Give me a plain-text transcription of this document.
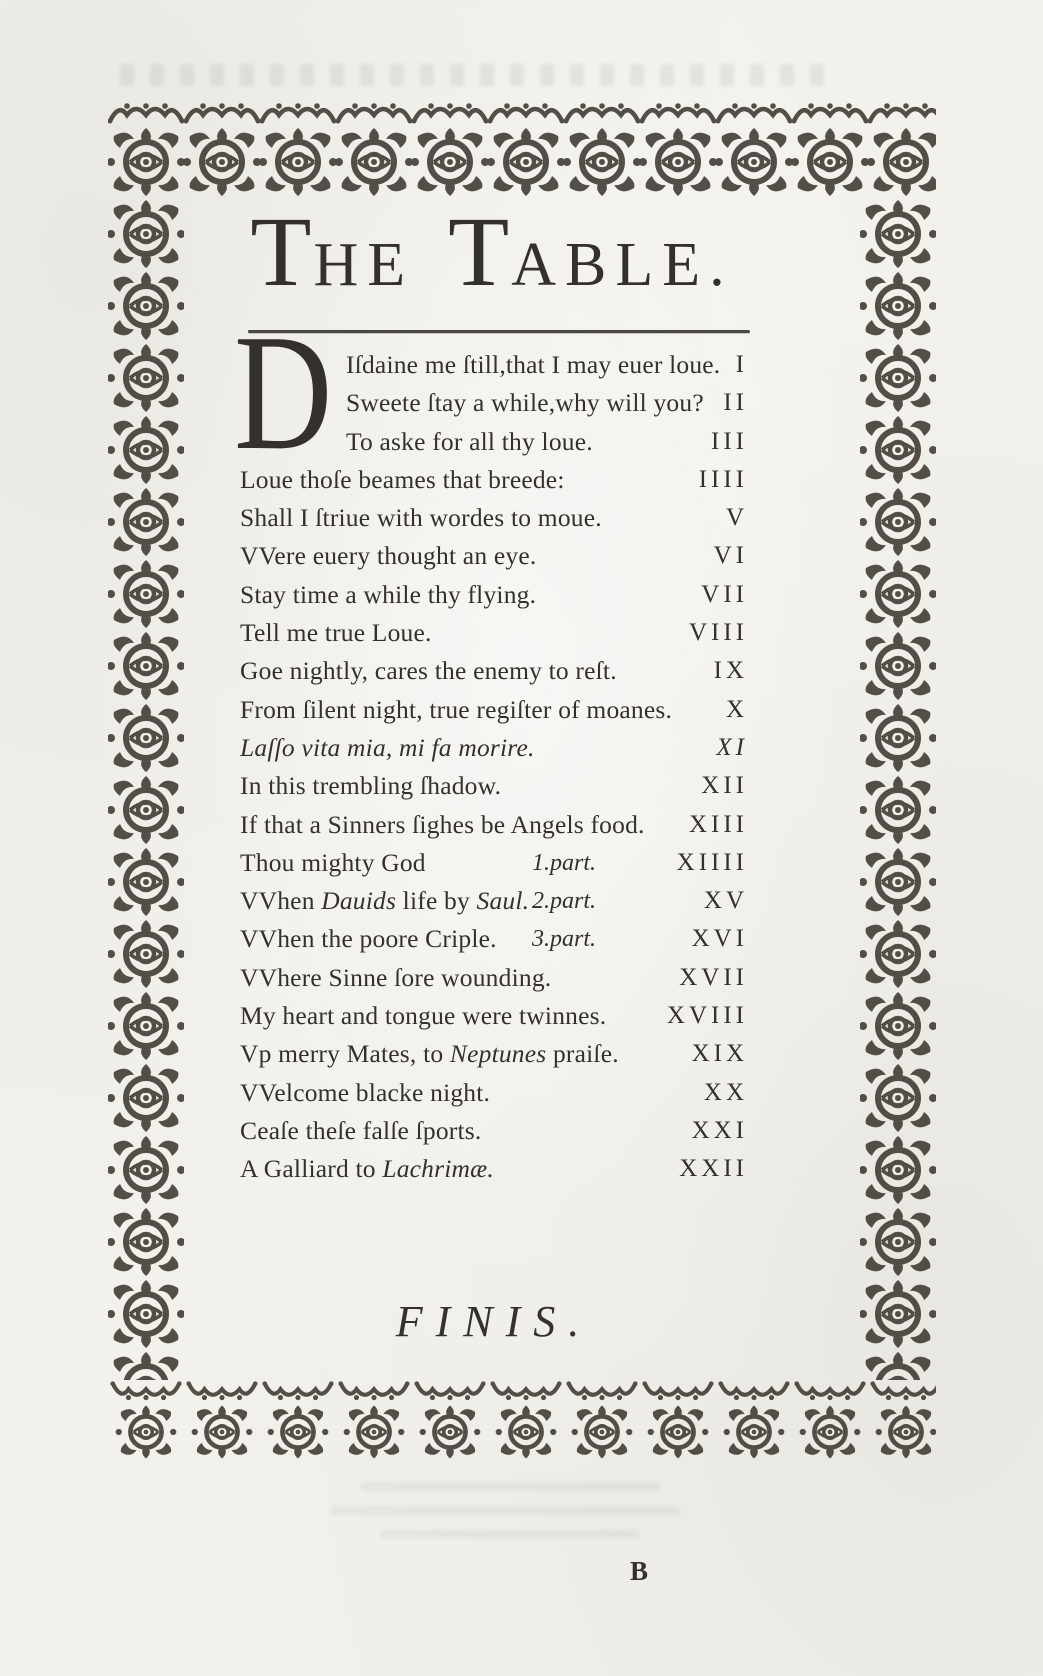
THE TABLE.
D Iſdaine me ſtill,that I may euer loue. I
Sweete ſtay a while,why will you? II
To aske for all thy loue.	III
Loue thoſe beames that breede:	IIII
Shall I ſtriue with wordes to moue.	V
VVere euery thought an eye.	VI
Stay time a while thy flying.	VII
Tell me true Loue.	VIII
Goe nightly, cares the enemy to reſt.	IX
From ſilent night, true regiſter of moanes. X
Laſſo vita mia, mi fa morire.	XI
In this trembling ſhadow.	XII
If that a Sinners ſighes be Angels food. XIII
Thou mighty God	1.part.	XIIII
VVhen Dauids life by Saul. 2.part.	XV
VVhen the poore Criple. 3.part.	XVI
VVhere Sinne ſore wounding.	XVII
My heart and tongue were twinnes. XVIII
Vp merry Mates, to Neptunes praiſe.	XIX
VVelcome blacke night.	XX
Ceaſe theſe falſe ſports.	XXI
A Galliard to Lachrimæ.	XXII
FINIS.
B
